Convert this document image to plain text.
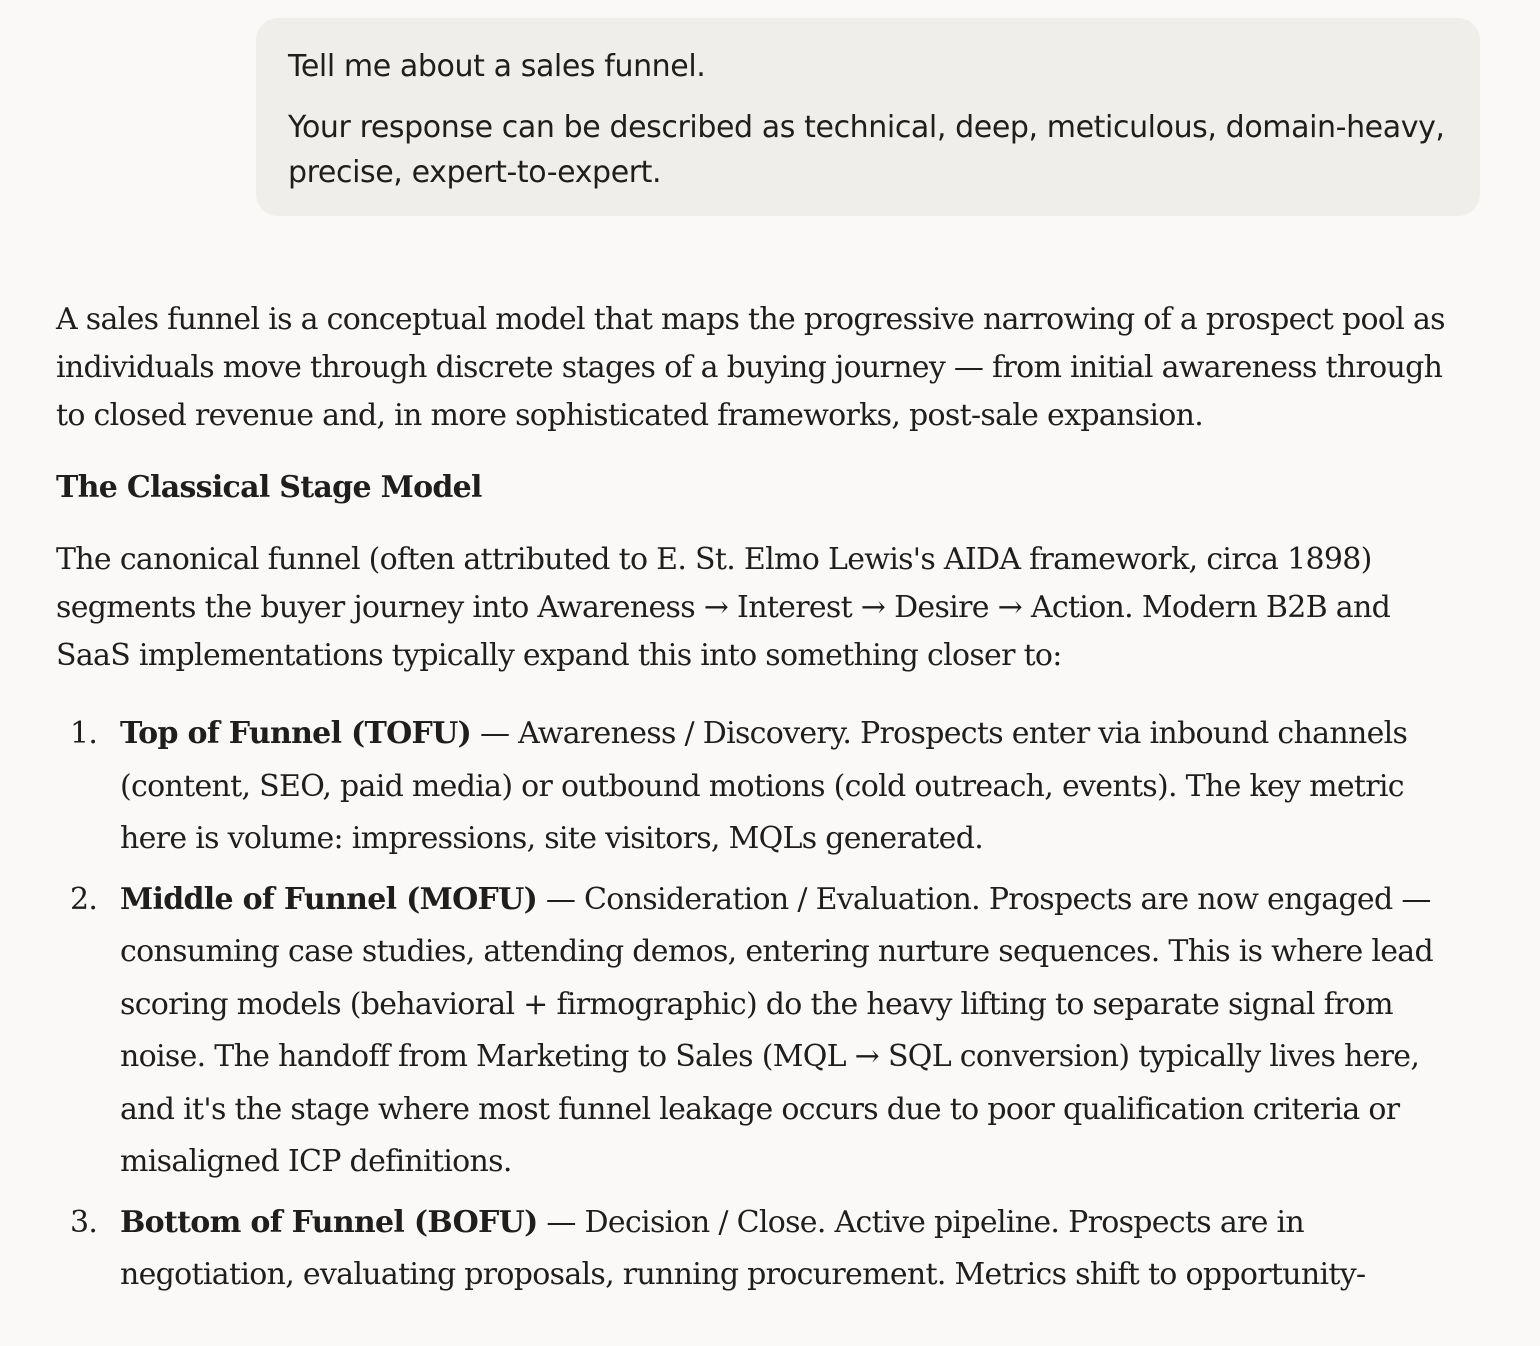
Tell me about a sales funnel.

Your response can be described as technical, deep, meticulous, domain-heavy, precise, expert-to-expert.

A sales funnel is a conceptual model that maps the progressive narrowing of a prospect pool as individuals move through discrete stages of a buying journey — from initial awareness through to closed revenue and, in more sophisticated frameworks, post-sale expansion.

The Classical Stage Model

The canonical funnel (often attributed to E. St. Elmo Lewis's AIDA framework, circa 1898) segments the buyer journey into Awareness → Interest → Desire → Action. Modern B2B and SaaS implementations typically expand this into something closer to:

1. Top of Funnel (TOFU) — Awareness / Discovery. Prospects enter via inbound channels (content, SEO, paid media) or outbound motions (cold outreach, events). The key metric here is volume: impressions, site visitors, MQLs generated.
2. Middle of Funnel (MOFU) — Consideration / Evaluation. Prospects are now engaged — consuming case studies, attending demos, entering nurture sequences. This is where lead scoring models (behavioral + firmographic) do the heavy lifting to separate signal from noise. The handoff from Marketing to Sales (MQL → SQL conversion) typically lives here, and it's the stage where most funnel leakage occurs due to poor qualification criteria or misaligned ICP definitions.
3. Bottom of Funnel (BOFU) — Decision / Close. Active pipeline. Prospects are in negotiation, evaluating proposals, running procurement. Metrics shift to opportunity-
